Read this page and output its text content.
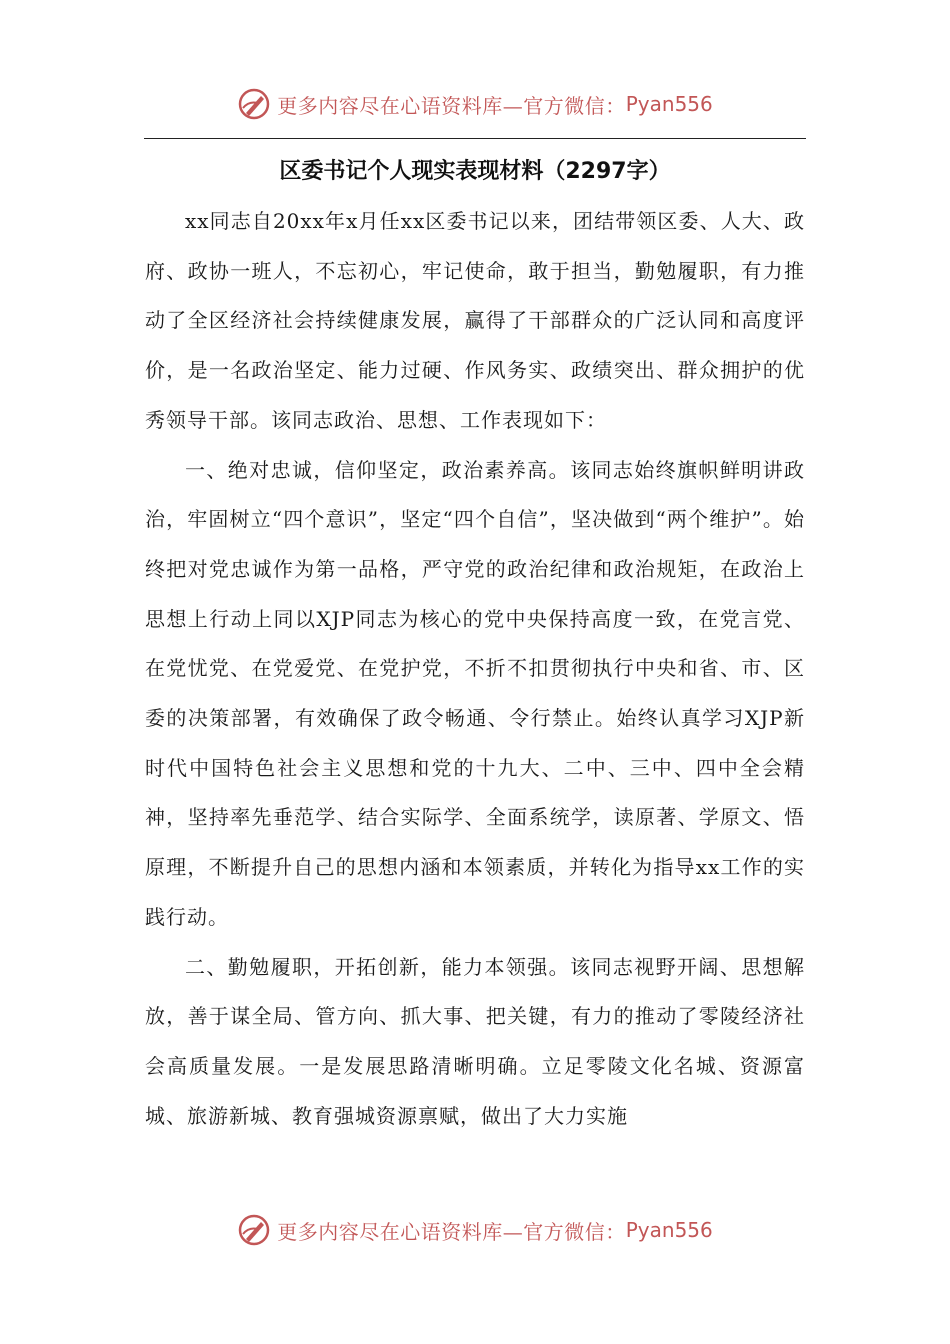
更多内容尽在心语资料库—官方微信： Pyan556
区委书记个人现实表现材料（2297字）

xx同志自20xx年x月任xx区委书记以来，团结带领区委、人大、政府、政协一班人，不忘初心，牢记使命，敢于担当，勤勉履职，有力推动了全区经济社会持续健康发展，赢得了干部群众的广泛认同和高度评价，是一名政治坚定、能力过硬、作风务实、政绩突出、群众拥护的优秀领导干部。该同志政治、思想、工作表现如下：

一、绝对忠诚，信仰坚定，政治素养高。该同志始终旗帜鲜明讲政治，牢固树立“四个意识”，坚定“四个自信”，坚决做到“两个维护”。始终把对党忠诚作为第一品格，严守党的政治纪律和政治规矩，在政治上思想上行动上同以XJP同志为核心的党中央保持高度一致，在党言党、在党忧党、在党爱党、在党护党，不折不扣贯彻执行中央和省、市、区委的决策部署，有效确保了政令畅通、令行禁止。始终认真学习XJP新时代中国特色社会主义思想和党的十九大、二中、三中、四中全会精神，坚持率先垂范学、结合实际学、全面系统学，读原著、学原文、悟原理，不断提升自己的思想内涵和本领素质，并转化为指导xx工作的实践行动。

二、勤勉履职，开拓创新，能力本领强。该同志视野开阔、思想解放，善于谋全局、管方向、抓大事、把关键，有力的推动了零陵经济社会高质量发展。一是发展思路清晰明确。立足零陵文化名城、资源富城、旅游新城、教育强城资源禀赋，做出了大力实施

更多内容尽在心语资料库—官方微信： Pyan556
